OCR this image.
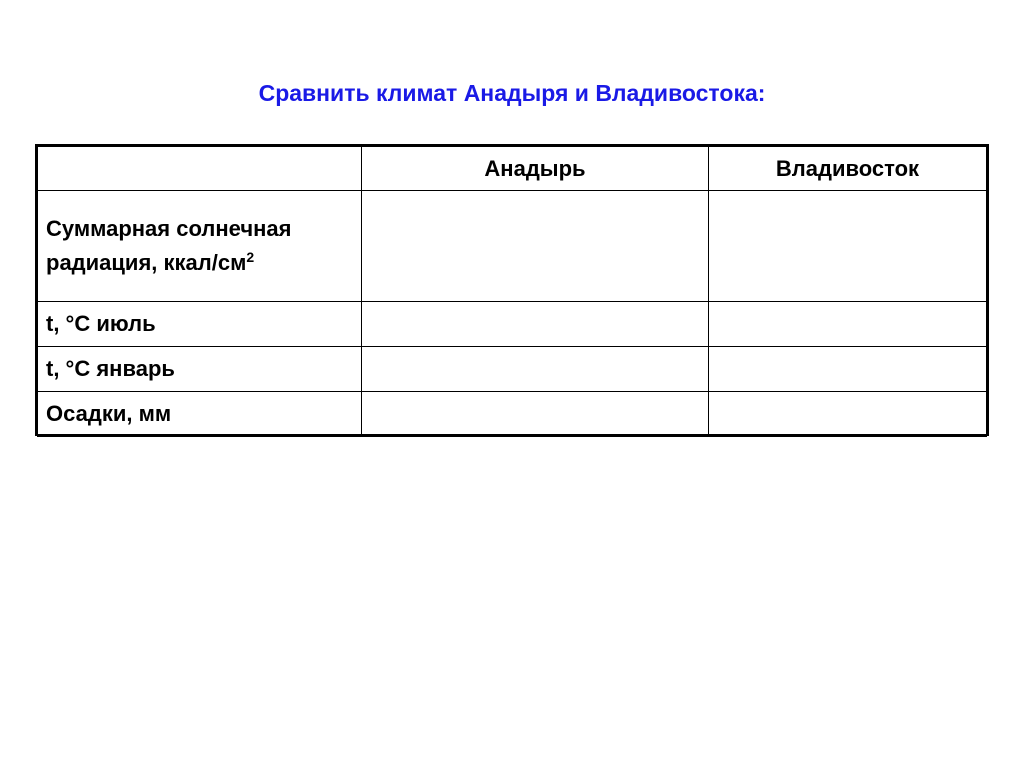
Сравнить климат Анадыря и Владивостока:
	Анадырь	Владивосток
Суммарная солнечная радиация, ккал/$см^2$		
t, °С июль		
t, °С январь		
Осадки, мм		
